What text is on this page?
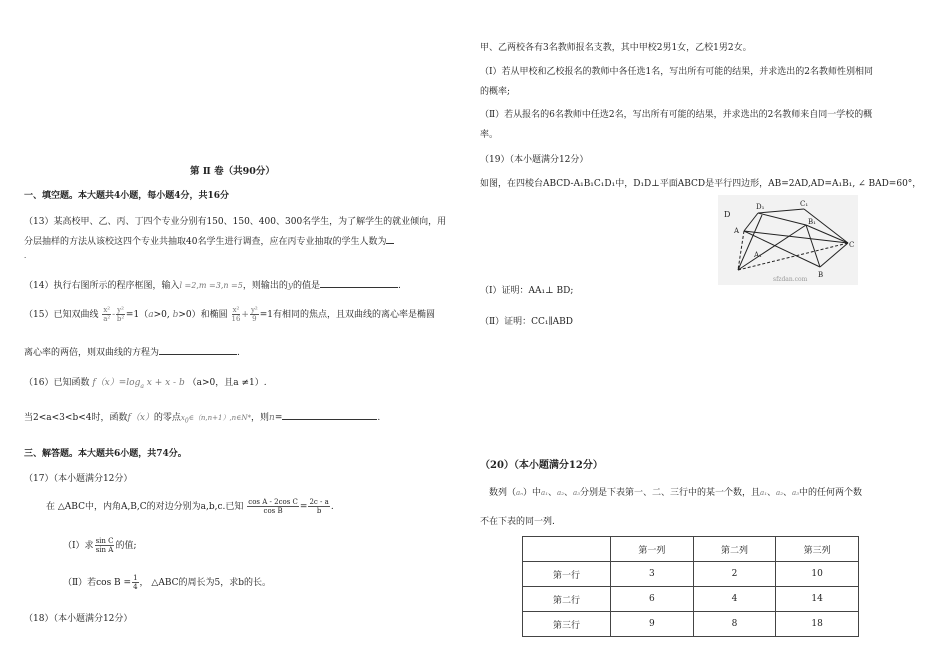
第 Ⅱ 卷（共90分）
一、填空题。本大题共4小题，每小题4分，共16分
（13）某高校甲、乙、丙、丁四个专业分别有150、150、400、300名学生，为了解学生的就业倾向，用
分层抽样的方法从该校这四个专业共抽取40名学生进行调查，应在丙专业抽取的学生人数为
.
（14）执行右图所示的程序框图，输入l =2,m =3,n =5，则输出的y的值是	.
（15）已知双曲线 $\frac{\text{x²}}{\text{a²}} - \frac{\text{y²}}{\text{b²}} =1(a>0$, b>0）和椭圆 $\frac{\text{x²}}{16} + \frac{\text{y²}}{9} =1$有相同的焦点，且双曲线的离心率是椭圆
离心率的两倍，则双曲线的方程为	.
（16）已知函数 $f(x)=\log_a$ x + x - b （a>0，且a ≠1）.
当2<a<3<b<4时，函数f（x）的零点x0∈（n,n+1）,n∈N*，则n=	.
三、解答题。本大题共6小题，共74分。
（17）（本小题满分12分）
在 △ABC中，内角A,B,C的对边分别为a,b,c.已知 $\frac{\text{cos A - 2cos C}}{\text{cos B}} = \frac{2c - a}{b}$ .
（Ⅰ）求 $\frac{\text{sin C}}{\text{sin A}}$ 的值;
（Ⅱ）若$\cos B = \frac{1}{4}$ ， △ABC的周长为5，求b的长。
（18）（本小题满分12分）
甲、乙两校各有3名教师报名支教，其中甲校2男1女，乙校1男2女。
（Ⅰ）若从甲校和乙校报名的教师中各任选1名，写出所有可能的结果，并求选出的2名教师性别相同
的概率;
（Ⅱ）若从报名的6名教师中任选2名，写出所有可能的结果，并求选出的2名教师来自同一学校的概
率。
（19）（本小题满分12分）
如图，在四棱台ABCD-A₁B₁C₁D₁中，D₁D⊥平面ABCD是平行四边形，AB=2AD,AD=A₁B₁, ∠ BAD=60°，
D
D₁	C₁
B₁
C
A
A₁
B
sfzdan.com
（Ⅰ）证明：AA₁⊥ BD;
（Ⅱ）证明：CC₁∥ABD
（20）（本小题满分12分）
数列（aₙ）中a₁、a₂、a₃分别是下表第一、二、三行中的某一个数，且a₁、a₂、a₃中的任何两个数
不在下表的同一列.
	第一列	第二列	第三列
第一行	3	2	10
第二行	6	4	14
第三行	9	8	18
